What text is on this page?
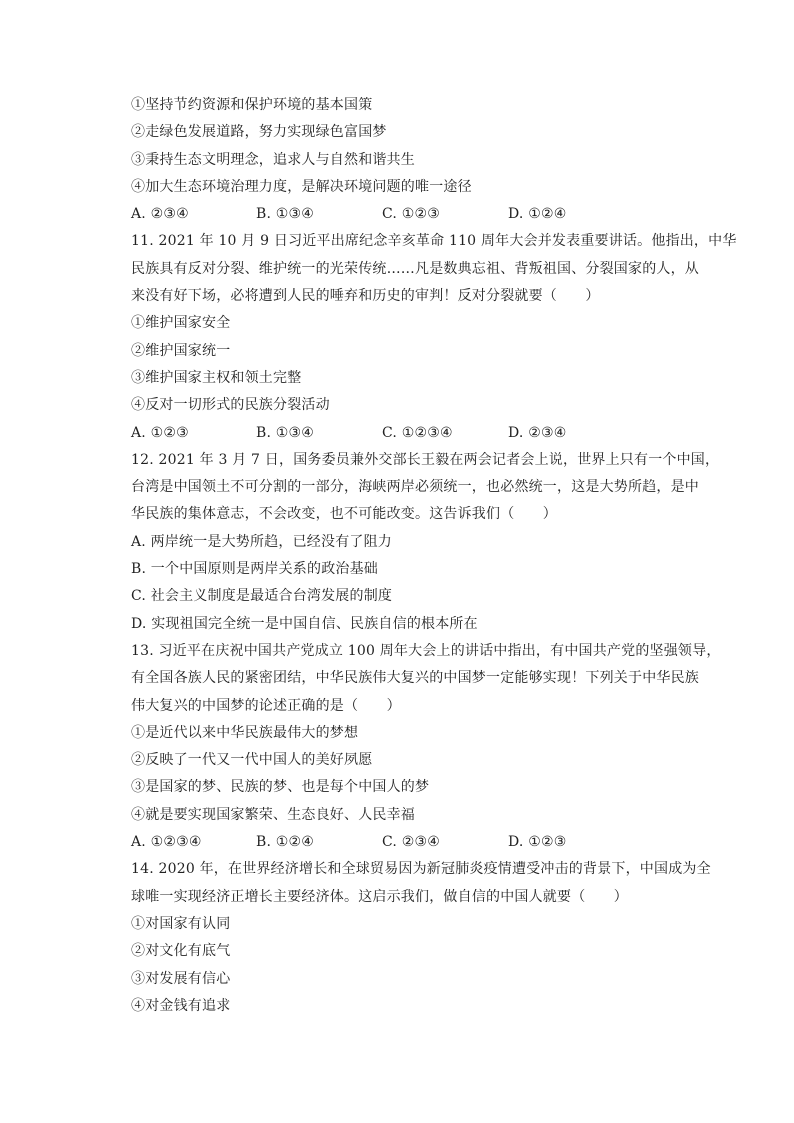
①坚持节约资源和保护环境的基本国策
②走绿色发展道路，努力实现绿色富国梦
③秉持生态文明理念，追求人与自然和谐共生
④加大生态环境治理力度，是解决环境问题的唯一途径
A. ②③④	B. ①③④	C. ①②③	D. ①②④
11. 2021 年 10 月 9 日习近平出席纪念辛亥革命 110 周年大会并发表重要讲话。他指出，中华
民族具有反对分裂、维护统一的光荣传统……凡是数典忘祖、背叛祖国、分裂国家的人，从
来没有好下场，必将遭到人民的唾弃和历史的审判！反对分裂就要（　　）
①维护国家安全
②维护国家统一
③维护国家主权和领土完整
④反对一切形式的民族分裂活动
A. ①②③	B. ①③④	C. ①②③④	D. ②③④
12. 2021 年 3 月 7 日，国务委员兼外交部长王毅在两会记者会上说，世界上只有一个中国，
台湾是中国领土不可分割的一部分，海峡两岸必须统一，也必然统一，这是大势所趋，是中
华民族的集体意志，不会改变，也不可能改变。这告诉我们（　　）
A. 两岸统一是大势所趋，已经没有了阻力
B. 一个中国原则是两岸关系的政治基础
C. 社会主义制度是最适合台湾发展的制度
D. 实现祖国完全统一是中国自信、民族自信的根本所在
13. 习近平在庆祝中国共产党成立 100 周年大会上的讲话中指出，有中国共产党的坚强领导，
有全国各族人民的紧密团结，中华民族伟大复兴的中国梦一定能够实现！下列关于中华民族
伟大复兴的中国梦的论述正确的是（　　）
①是近代以来中华民族最伟大的梦想
②反映了一代又一代中国人的美好夙愿
③是国家的梦、民族的梦、也是每个中国人的梦
④就是要实现国家繁荣、生态良好、人民幸福
A. ①②③④	B. ①②④	C. ②③④	D. ①②③
14. 2020 年，在世界经济增长和全球贸易因为新冠肺炎疫情遭受冲击的背景下，中国成为全
球唯一实现经济正增长主要经济体。这启示我们，做自信的中国人就要（　　）
①对国家有认同
②对文化有底气
③对发展有信心
④对金钱有追求
